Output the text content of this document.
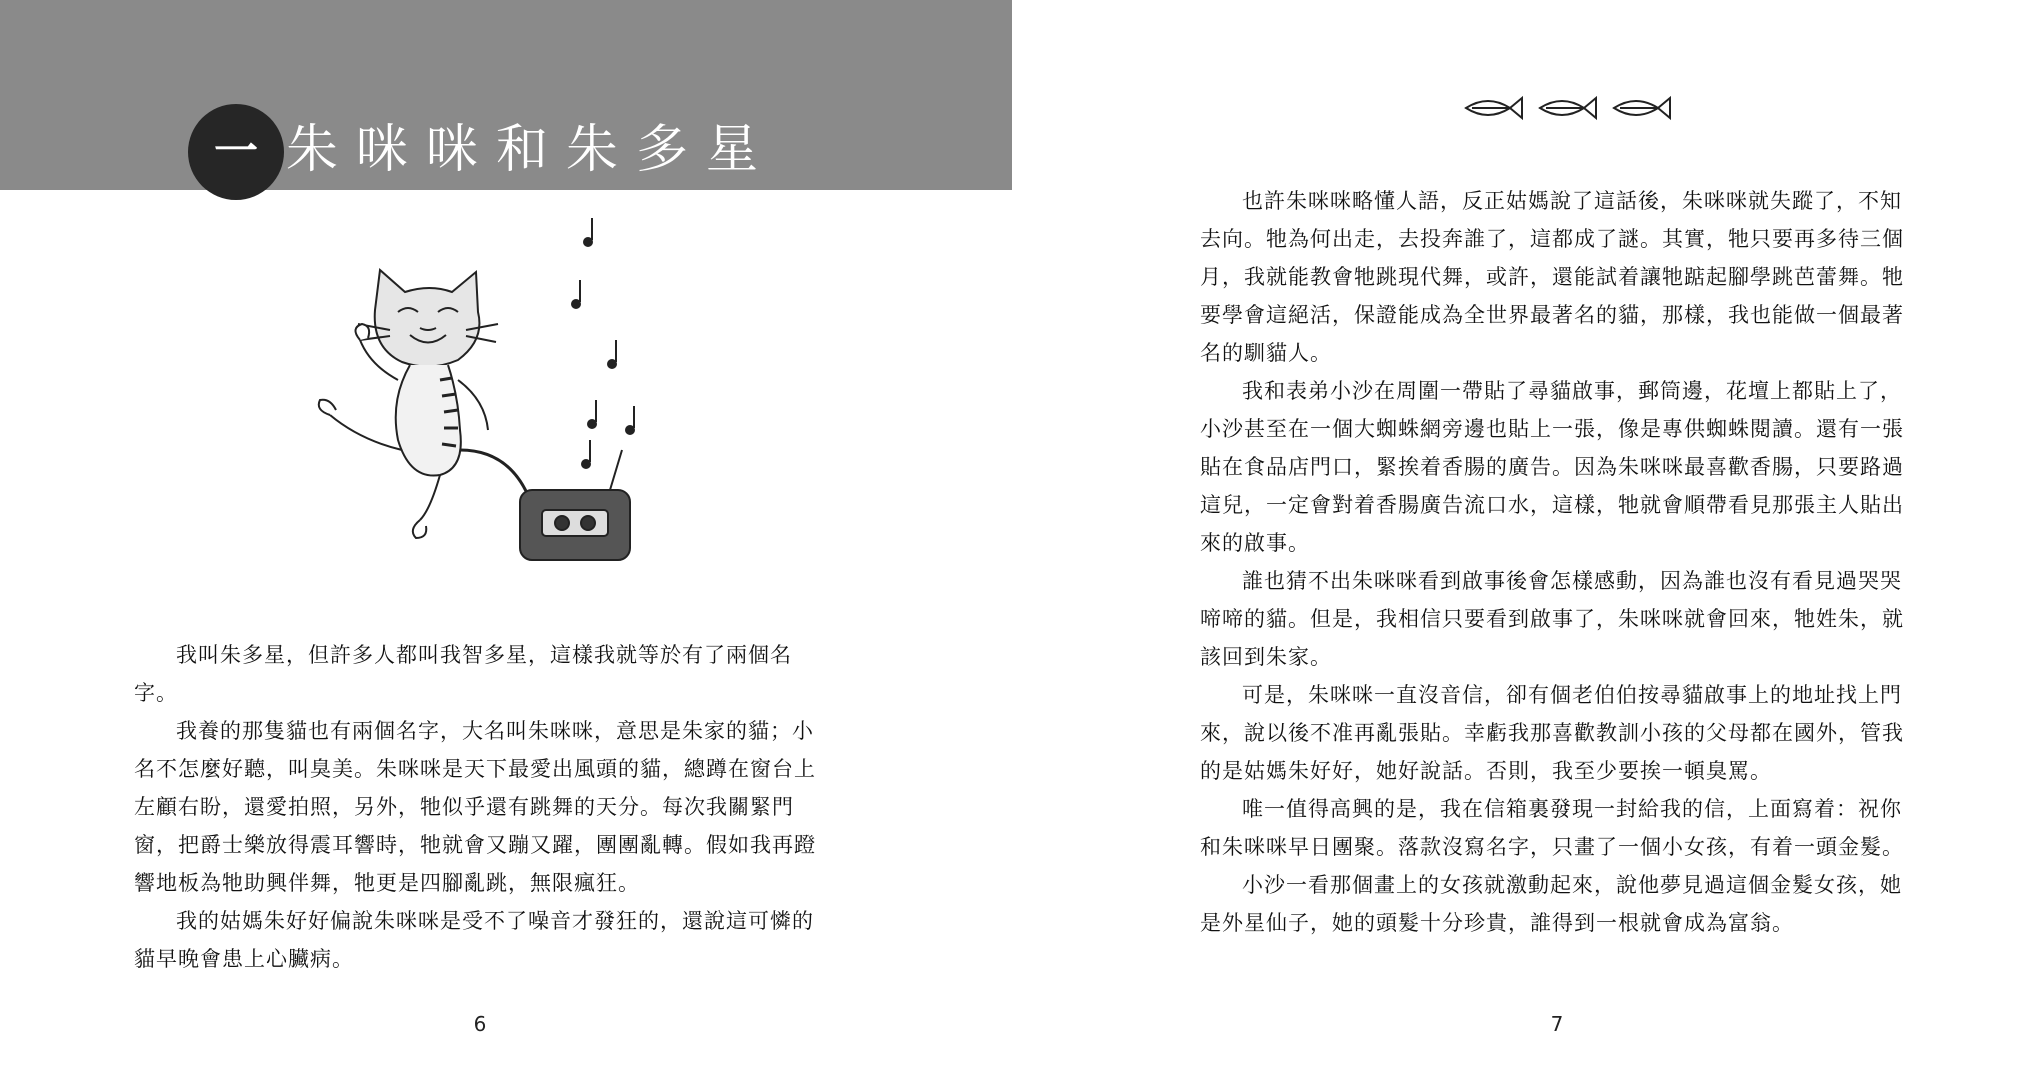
一 朱咪咪和朱多星

我叫朱多星，但許多人都叫我智多星，這樣我就等於有了兩個名字。

我養的那隻貓也有兩個名字，大名叫朱咪咪，意思是朱家的貓；小名不怎麼好聽，叫臭美。朱咪咪是天下最愛出風頭的貓，總蹲在窗台上左顧右盼，還愛拍照，另外，牠似乎還有跳舞的天分。每次我關緊門窗，把爵士樂放得震耳響時，牠就會又蹦又躍，團團亂轉。假如我再蹬響地板為牠助興伴舞，牠更是四腳亂跳，無限瘋狂。

我的姑媽朱好好偏說朱咪咪是受不了噪音才發狂的，還說這可憐的貓早晚會患上心臟病。

6

也許朱咪咪略懂人語，反正姑媽說了這話後，朱咪咪就失蹤了，不知去向。牠為何出走，去投奔誰了，這都成了謎。其實，牠只要再多待三個月，我就能教會牠跳現代舞，或許，還能試着讓牠踮起腳學跳芭蕾舞。牠要學會這絕活，保證能成為全世界最著名的貓，那樣，我也能做一個最著名的馴貓人。

我和表弟小沙在周圍一帶貼了尋貓啟事，郵筒邊，花壇上都貼上了，小沙甚至在一個大蜘蛛網旁邊也貼上一張，像是專供蜘蛛閱讀。還有一張貼在食品店門口，緊挨着香腸的廣告。因為朱咪咪最喜歡香腸，只要路過這兒，一定會對着香腸廣告流口水，這樣，牠就會順帶看見那張主人貼出來的啟事。

誰也猜不出朱咪咪看到啟事後會怎樣感動，因為誰也沒有看見過哭哭啼啼的貓。但是，我相信只要看到啟事了，朱咪咪就會回來，牠姓朱，就該回到朱家。

可是，朱咪咪一直沒音信，卻有個老伯伯按尋貓啟事上的地址找上門來，說以後不准再亂張貼。幸虧我那喜歡教訓小孩的父母都在國外，管我的是姑媽朱好好，她好說話。否則，我至少要挨一頓臭罵。

唯一值得高興的是，我在信箱裏發現一封給我的信，上面寫着：祝你和朱咪咪早日團聚。落款沒寫名字，只畫了一個小女孩，有着一頭金髮。

小沙一看那個畫上的女孩就激動起來，說他夢見過這個金髮女孩，她是外星仙子，她的頭髮十分珍貴，誰得到一根就會成為富翁。

7
